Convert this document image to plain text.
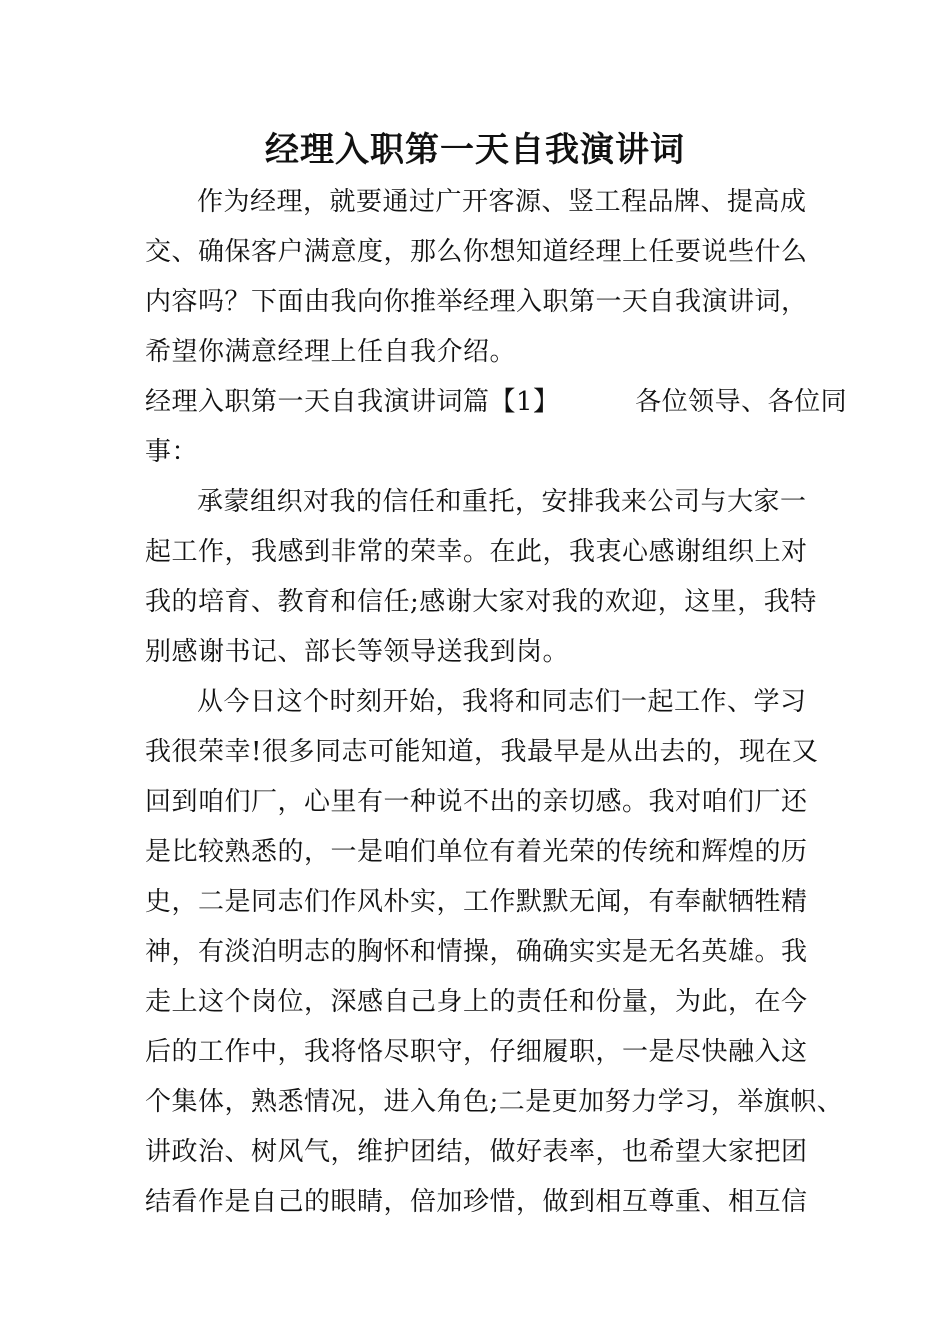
经理入职第一天自我演讲词
作为经理，就要通过广开客源、竖工程品牌、提高成
交、确保客户满意度，那么你想知道经理上任要说些什么
内容吗？下面由我向你推举经理入职第一天自我演讲词，
希望你满意经理上任自我介绍。
经理入职第一天自我演讲词篇【1】	各位领导、各位同
事：
承蒙组织对我的信任和重托，安排我来公司与大家一
起工作，我感到非常的荣幸。在此，我衷心感谢组织上对
我的培育、教育和信任;感谢大家对我的欢迎，这里，我特
别感谢书记、部长等领导送我到岗。
从今日这个时刻开始，我将和同志们一起工作、学习
我很荣幸!很多同志可能知道，我最早是从出去的，现在又
回到咱们厂，心里有一种说不出的亲切感。我对咱们厂还
是比较熟悉的，一是咱们单位有着光荣的传统和辉煌的历
史，二是同志们作风朴实，工作默默无闻，有奉献牺牲精
神，有淡泊明志的胸怀和情操，确确实实是无名英雄。我
走上这个岗位，深感自己身上的责任和份量，为此，在今
后的工作中，我将恪尽职守，仔细履职，一是尽快融入这
个集体，熟悉情况，进入角色;二是更加努力学习，举旗帜、
讲政治、树风气，维护团结，做好表率，也希望大家把团
结看作是自己的眼睛，倍加珍惜，做到相互尊重、相互信
